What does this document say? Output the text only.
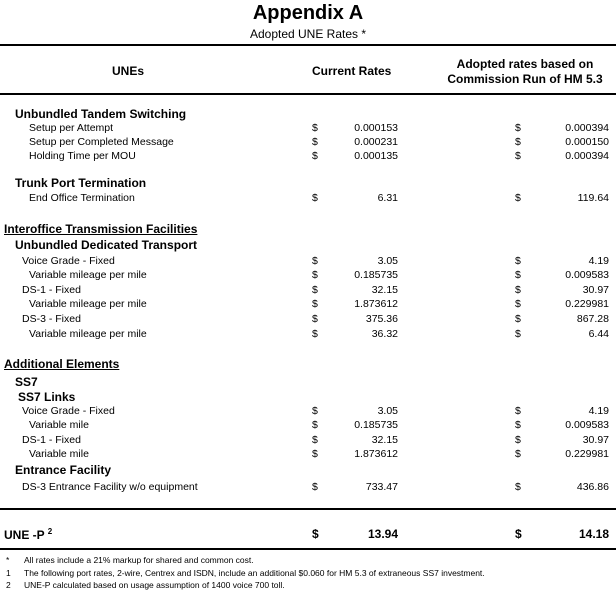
Appendix A
Adopted UNE Rates *
UNEs	Current Rates	Adopted rates based on
Commission Run of HM 5.3
Unbundled Tandem Switching
Setup per Attempt	$	0.000153	$	0.000394
Setup per Completed Message	$	0.000231	$	0.000150
Holding Time per MOU	$	0.000135	$	0.000394
Trunk Port Termination
End Office Termination	$	6.31	$	119.64
Interoffice Transmission Facilities
Unbundled Dedicated Transport
Voice Grade - Fixed	$	3.05	$	4.19
Variable mileage per mile	$	0.185735	$	0.009583
DS-1 - Fixed	$	32.15	$	30.97
Variable mileage per mile	$	1.873612	$	0.229981
DS-3 - Fixed	$	375.36	$	867.28
Variable mileage per mile	$	36.32	$	6.44
Additional Elements
SS7
SS7 Links
Voice Grade - Fixed	$	3.05	$	4.19
Variable mile	$	0.185735	$	0.009583
DS-1 - Fixed	$	32.15	$	30.97
Variable mile	$	1.873612	$	0.229981
Entrance Facility
DS-3 Entrance Facility w/o equipment	$	733.47	$	436.86
UNE -P $^2$	$	13.94	$	14.18
* All rates include a 21% markup for shared and common cost.
1 The following port rates, 2-wire, Centrex and ISDN, include an additional $0.060 for HM 5.3 of extraneous SS7 investment.
2 UNE-P calculated based on usage assumption of 1400 voice 700 toll.
